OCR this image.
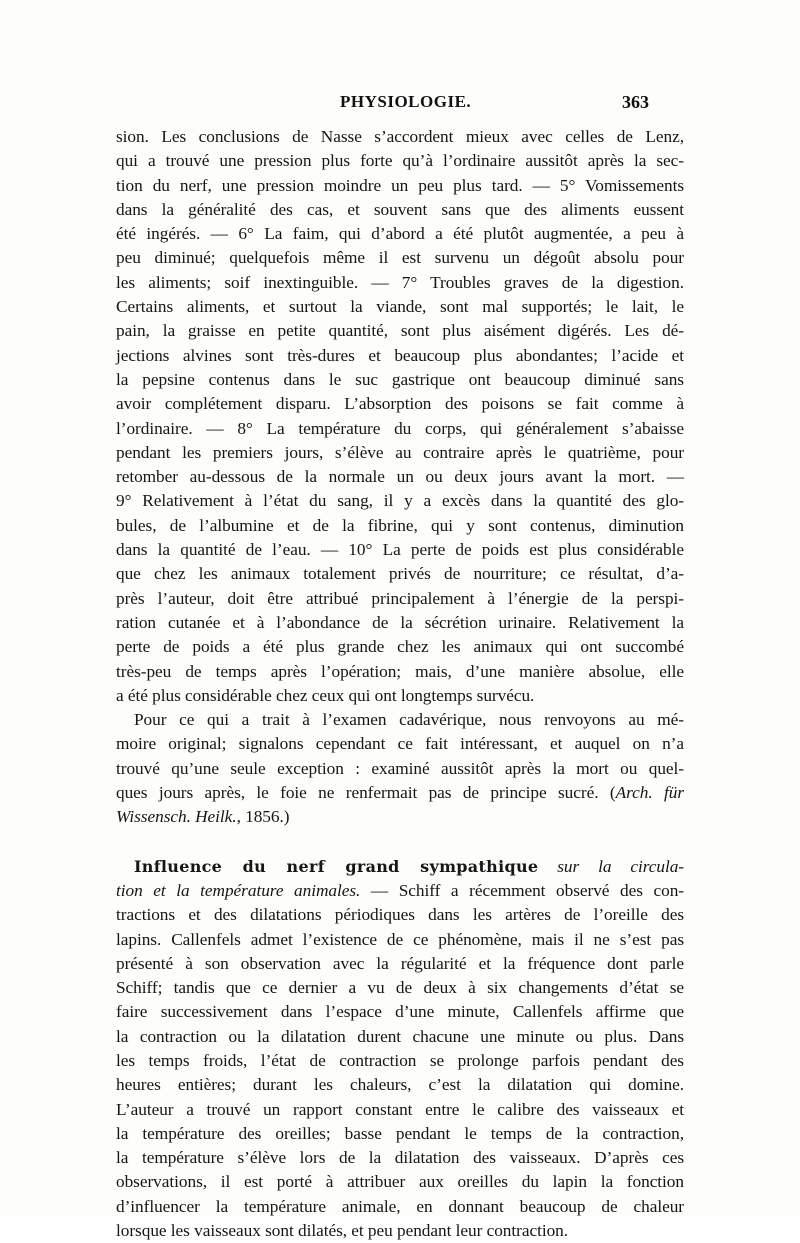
PHYSIOLOGIE.	363
sion. Les conclusions de Nasse s’accordent mieux avec celles de Lenz,
qui a trouvé une pression plus forte qu’à l’ordinaire aussitôt après la sec-
tion du nerf, une pression moindre un peu plus tard. — 5° Vomissements
dans la généralité des cas, et souvent sans que des aliments eussent
été ingérés. — 6° La faim, qui d’abord a été plutôt augmentée, a peu à
peu diminué; quelquefois même il est survenu un dégoût absolu pour
les aliments; soif inextinguible. — 7° Troubles graves de la digestion.
Certains aliments, et surtout la viande, sont mal supportés; le lait, le
pain, la graisse en petite quantité, sont plus aisément digérés. Les dé-
jections alvines sont très-dures et beaucoup plus abondantes; l’acide et
la pepsine contenus dans le suc gastrique ont beaucoup diminué sans
avoir complétement disparu. L’absorption des poisons se fait comme à
l’ordinaire. — 8° La température du corps, qui généralement s’abaisse
pendant les premiers jours, s’élève au contraire après le quatrième, pour
retomber au-dessous de la normale un ou deux jours avant la mort. —
9° Relativement à l’état du sang, il y a excès dans la quantité des glo-
bules, de l’albumine et de la fibrine, qui y sont contenus, diminution
dans la quantité de l’eau. — 10° La perte de poids est plus considérable
que chez les animaux totalement privés de nourriture; ce résultat, d’a-
près l’auteur, doit être attribué principalement à l’énergie de la perspi-
ration cutanée et à l’abondance de la sécrétion urinaire. Relativement la
perte de poids a été plus grande chez les animaux qui ont succombé
très-peu de temps après l’opération; mais, d’une manière absolue, elle
a été plus considérable chez ceux qui ont longtemps survécu.
Pour ce qui a trait à l’examen cadavérique, nous renvoyons au mé-
moire original; signalons cependant ce fait intéressant, et auquel on n’a
trouvé qu’une seule exception : examiné aussitôt après la mort ou quel-
ques jours après, le foie ne renfermait pas de principe sucré. (Arch. für
Wissensch. Heilk., 1856.)
Influence du nerf grand sympathique sur la circula-
tion et la température animales. — Schiff a récemment observé des con-
tractions et des dilatations périodiques dans les artères de l’oreille des
lapins. Callenfels admet l’existence de ce phénomène, mais il ne s’est pas
présenté à son observation avec la régularité et la fréquence dont parle
Schiff; tandis que ce dernier a vu de deux à six changements d’état se
faire successivement dans l’espace d’une minute, Callenfels affirme que
la contraction ou la dilatation durent chacune une minute ou plus. Dans
les temps froids, l’état de contraction se prolonge parfois pendant des
heures entières; durant les chaleurs, c’est la dilatation qui domine.
L’auteur a trouvé un rapport constant entre le calibre des vaisseaux et
la température des oreilles; basse pendant le temps de la contraction,
la température s’élève lors de la dilatation des vaisseaux. D’après ces
observations, il est porté à attribuer aux oreilles du lapin la fonction
d’influencer la température animale, en donnant beaucoup de chaleur
lorsque les vaisseaux sont dilatés, et peu pendant leur contraction.
